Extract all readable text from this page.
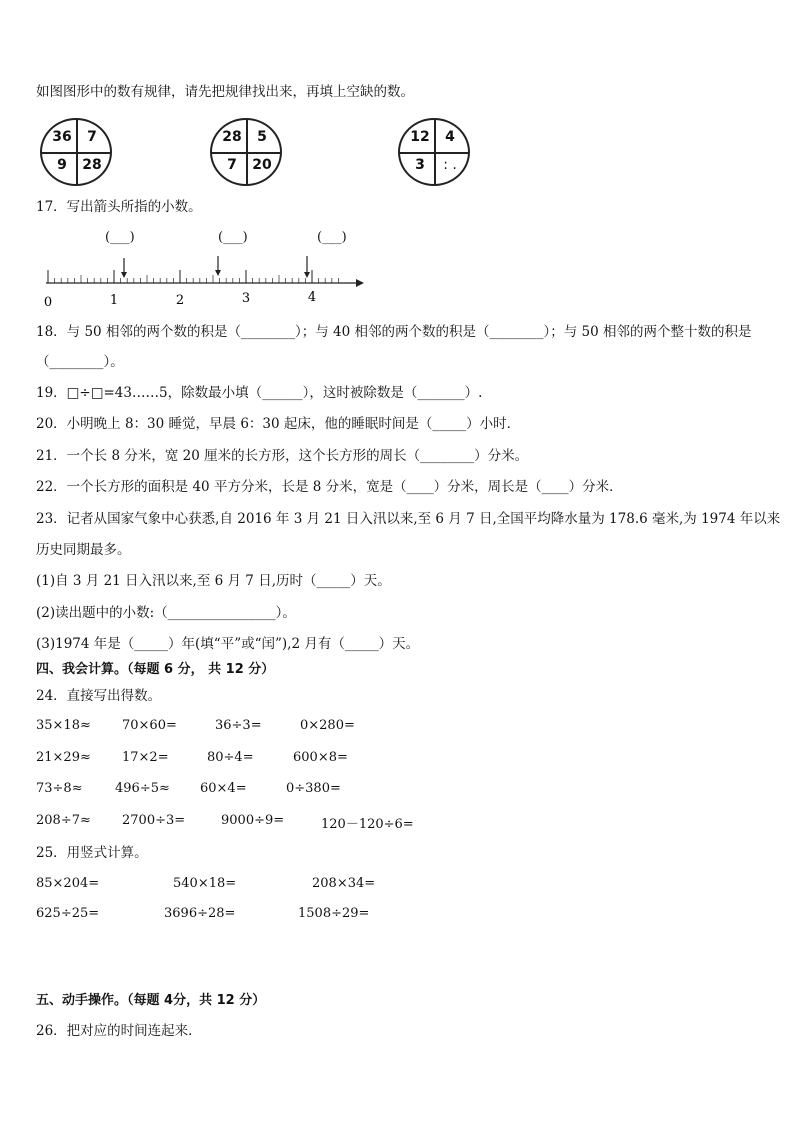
如图图形中的数有规律，请先把规律找出来，再填上空缺的数。
36	7
9	28
28	5
7	20
12	4
3	: .
17．写出箭头所指的小数。
(___)	(___)	(___)
0	1	2	3	4
18．与 50 相邻的两个数的积是（________）；与 40 相邻的两个数的积是（________）；与 50 相邻的两个整十数的积是
（________）。
19．□÷□=43……5，除数最小填（______），这时被除数是（_______）.
20．小明晚上 8：30 睡觉，早晨 6：30 起床，他的睡眠时间是（_____）小时．
21．一个长 8 分米，宽 20 厘米的长方形，这个长方形的周长（________）分米。
22．一个长方形的面积是 40 平方分米，长是 8 分米，宽是（____）分米，周长是（____）分米．
23．记者从国家气象中心获悉,自 2016 年 3 月 21 日入汛以来,至 6 月 7 日,全国平均降水量为 178.6 毫米,为 1974 年以来
历史同期最多。
(1)自 3 月 21 日入汛以来,至 6 月 7 日,历时（_____）天。
(2)读出题中的小数:（________________）。
(3)1974 年是（_____）年(填“平”或“闰”),2 月有（_____）天。
四、我会计算。（每题 6 分， 共 12 分）
24．直接写出得数。
35×18≈ 70×60=	36÷3=	0×280=
21×29≈ 17×2=	80÷4=	600×8=
73÷8≈ 496÷5≈ 60×4=	0÷380=
208÷7≈ 2700÷3=	9000÷9=	120－120÷6=
25．用竖式计算。
85×204=	540×18=	208×34=
625÷25=	3696÷28=	1508÷29=
五、动手操作。（每题 4分，共 12 分）
26．把对应的时间连起来．
